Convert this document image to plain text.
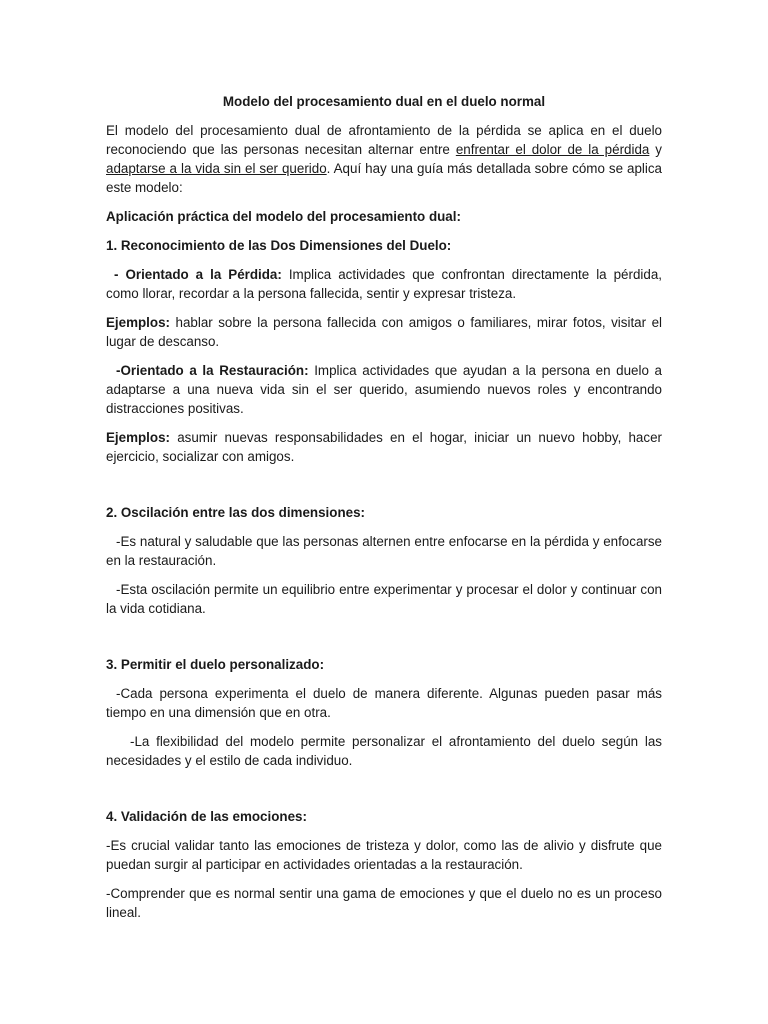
Modelo del procesamiento dual en el duelo normal

El modelo del procesamiento dual de afrontamiento de la pérdida se aplica en el duelo reconociendo que las personas necesitan alternar entre enfrentar el dolor de la pérdida y adaptarse a la vida sin el ser querido. Aquí hay una guía más detallada sobre cómo se aplica este modelo:

Aplicación práctica del modelo del procesamiento dual:

1. Reconocimiento de las Dos Dimensiones del Duelo:

- Orientado a la Pérdida: Implica actividades que confrontan directamente la pérdida, como llorar, recordar a la persona fallecida, sentir y expresar tristeza.

Ejemplos: hablar sobre la persona fallecida con amigos o familiares, mirar fotos, visitar el lugar de descanso.

-Orientado a la Restauración: Implica actividades que ayudan a la persona en duelo a adaptarse a una nueva vida sin el ser querido, asumiendo nuevos roles y encontrando distracciones positivas.

Ejemplos: asumir nuevas responsabilidades en el hogar, iniciar un nuevo hobby, hacer ejercicio, socializar con amigos.

2. Oscilación entre las dos dimensiones:

-Es natural y saludable que las personas alternen entre enfocarse en la pérdida y enfocarse en la restauración.

-Esta oscilación permite un equilibrio entre experimentar y procesar el dolor y continuar con la vida cotidiana.

3. Permitir el duelo personalizado:

-Cada persona experimenta el duelo de manera diferente. Algunas pueden pasar más tiempo en una dimensión que en otra.

-La flexibilidad del modelo permite personalizar el afrontamiento del duelo según las necesidades y el estilo de cada individuo.

4. Validación de las emociones:

-Es crucial validar tanto las emociones de tristeza y dolor, como las de alivio y disfrute que puedan surgir al participar en actividades orientadas a la restauración.

-Comprender que es normal sentir una gama de emociones y que el duelo no es un proceso lineal.
